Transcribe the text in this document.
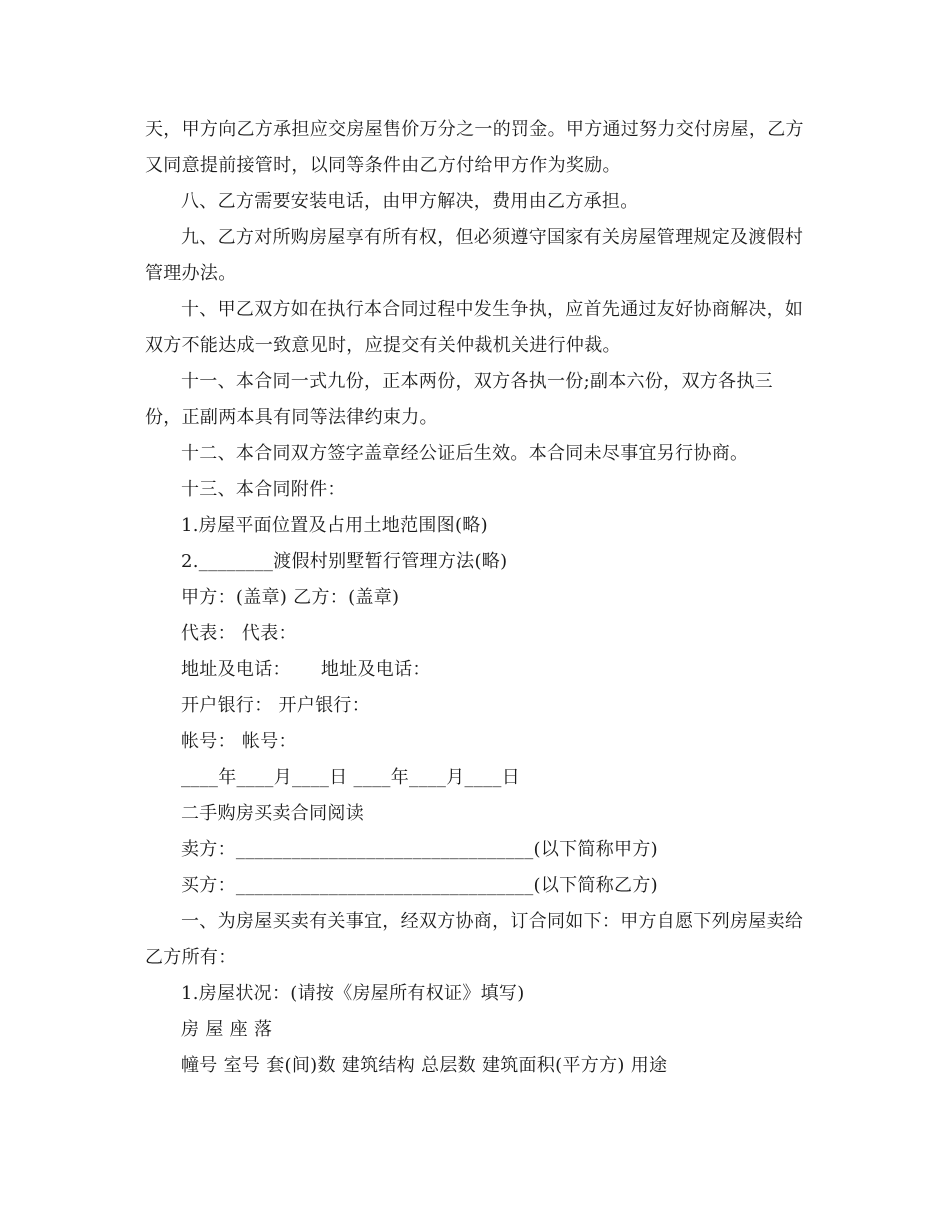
天，甲方向乙方承担应交房屋售价万分之一的罚金。甲方通过努力交付房屋，乙方又同意提前接管时，以同等条件由乙方付给甲方作为奖励。

八、乙方需要安装电话，由甲方解决，费用由乙方承担。

九、乙方对所购房屋享有所有权，但必须遵守国家有关房屋管理规定及渡假村管理办法。

十、甲乙双方如在执行本合同过程中发生争执，应首先通过友好协商解决，如双方不能达成一致意见时，应提交有关仲裁机关进行仲裁。

十一、本合同一式九份，正本两份，双方各执一份;副本六份，双方各执三份，正副两本具有同等法律约束力。

十二、本合同双方签字盖章经公证后生效。本合同未尽事宜另行协商。

十三、本合同附件：

1.房屋平面位置及占用土地范围图(略)

2.________渡假村别墅暂行管理方法(略)

甲方：(盖章) 乙方：(盖章)

代表： 代表：

地址及电话：     地址及电话：

开户银行： 开户银行：

帐号： 帐号：

____年____月____日 ____年____月____日

二手购房买卖合同阅读

卖方：________________________________(以下简称甲方)

买方：________________________________(以下简称乙方)

一、为房屋买卖有关事宜，经双方协商，订合同如下：甲方自愿下列房屋卖给乙方所有：

1.房屋状况：(请按《房屋所有权证》填写)

房 屋 座 落

幢号 室号 套(间)数 建筑结构 总层数 建筑面积(平方方) 用途
